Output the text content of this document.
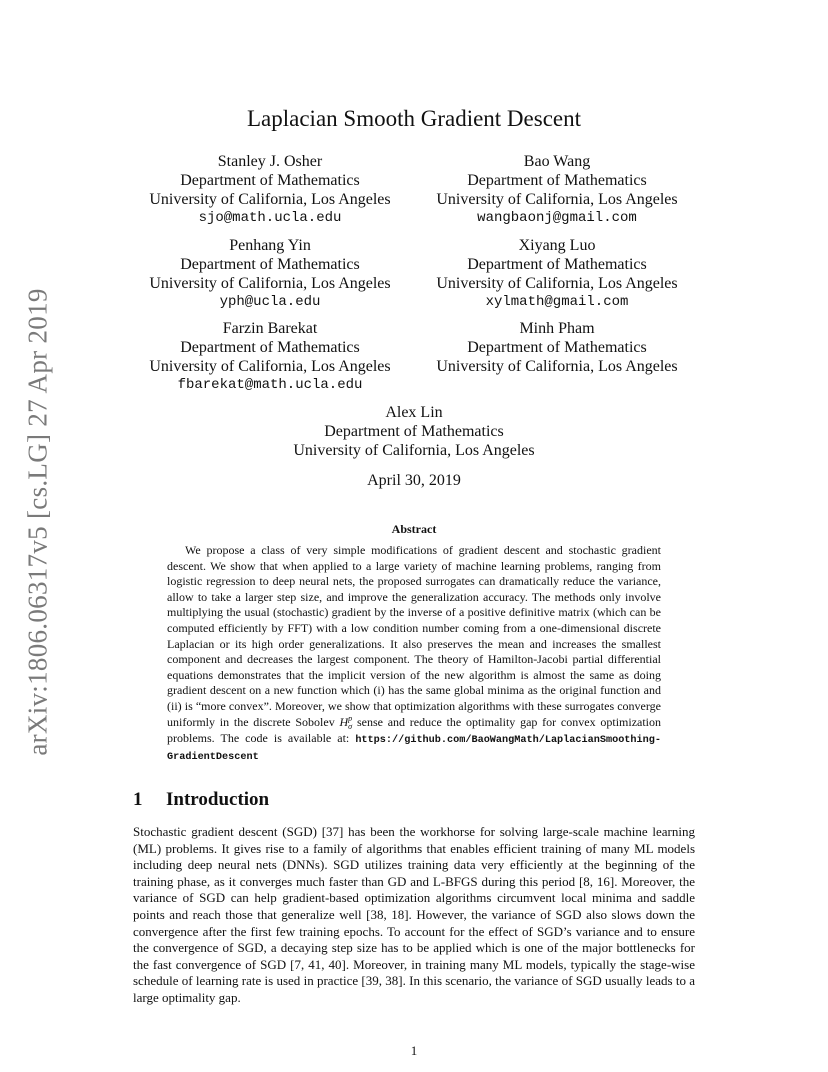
arXiv:1806.06317v5 [cs.LG] 27 Apr 2019
Laplacian Smooth Gradient Descent
Stanley J. Osher
Department of Mathematics
University of California, Los Angeles
sjo@math.ucla.edu
Bao Wang
Department of Mathematics
University of California, Los Angeles
wangbaonj@gmail.com
Penhang Yin
Department of Mathematics
University of California, Los Angeles
yph@ucla.edu
Xiyang Luo
Department of Mathematics
University of California, Los Angeles
xylmath@gmail.com
Farzin Barekat
Department of Mathematics
University of California, Los Angeles
fbarekat@math.ucla.edu
Minh Pham
Department of Mathematics
University of California, Los Angeles
Alex Lin
Department of Mathematics
University of California, Los Angeles
April 30, 2019
Abstract
We propose a class of very simple modifications of gradient descent and stochastic gradient descent. We show that when applied to a large variety of machine learning problems, ranging from logistic regression to deep neural nets, the proposed surrogates can dramatically reduce the variance, allow to take a larger step size, and improve the generalization accuracy. The methods only involve multiplying the usual (stochastic) gradient by the inverse of a positive definitive matrix (which can be computed efficiently by FFT) with a low condition number coming from a one-dimensional discrete Laplacian or its high order generalizations. It also preserves the mean and increases the smallest component and decreases the largest component. The theory of Hamilton-Jacobi partial differential equations demonstrates that the implicit version of the new algorithm is almost the same as doing gradient descent on a new function which (i) has the same global minima as the original function and (ii) is “more convex”. Moreover, we show that optimization algorithms with these surrogates converge uniformly in the discrete Sobolev H p
σ sense and reduce the optimality gap for convex optimization problems. The code is available at: https://github.com/BaoWangMath/LaplacianSmoothing-GradientDescent
1 Introduction
Stochastic gradient descent (SGD) [37] has been the workhorse for solving large-scale machine learning (ML) problems. It gives rise to a family of algorithms that enables efficient training of many ML models including deep neural nets (DNNs). SGD utilizes training data very efficiently at the beginning of the training phase, as it converges much faster than GD and L-BFGS during this period [8, 16]. Moreover, the variance of SGD can help gradient-based optimization algorithms circumvent local minima and saddle points and reach those that generalize well [38, 18]. However, the variance of SGD also slows down the convergence after the first few training epochs. To account for the effect of SGD’s variance and to ensure the convergence of SGD, a decaying step size has to be applied which is one of the major bottlenecks for the fast convergence of SGD [7, 41, 40]. Moreover, in training many ML models, typically the stage-wise schedule of learning rate is used in practice [39, 38]. In this scenario, the variance of SGD usually leads to a large optimality gap.
1
